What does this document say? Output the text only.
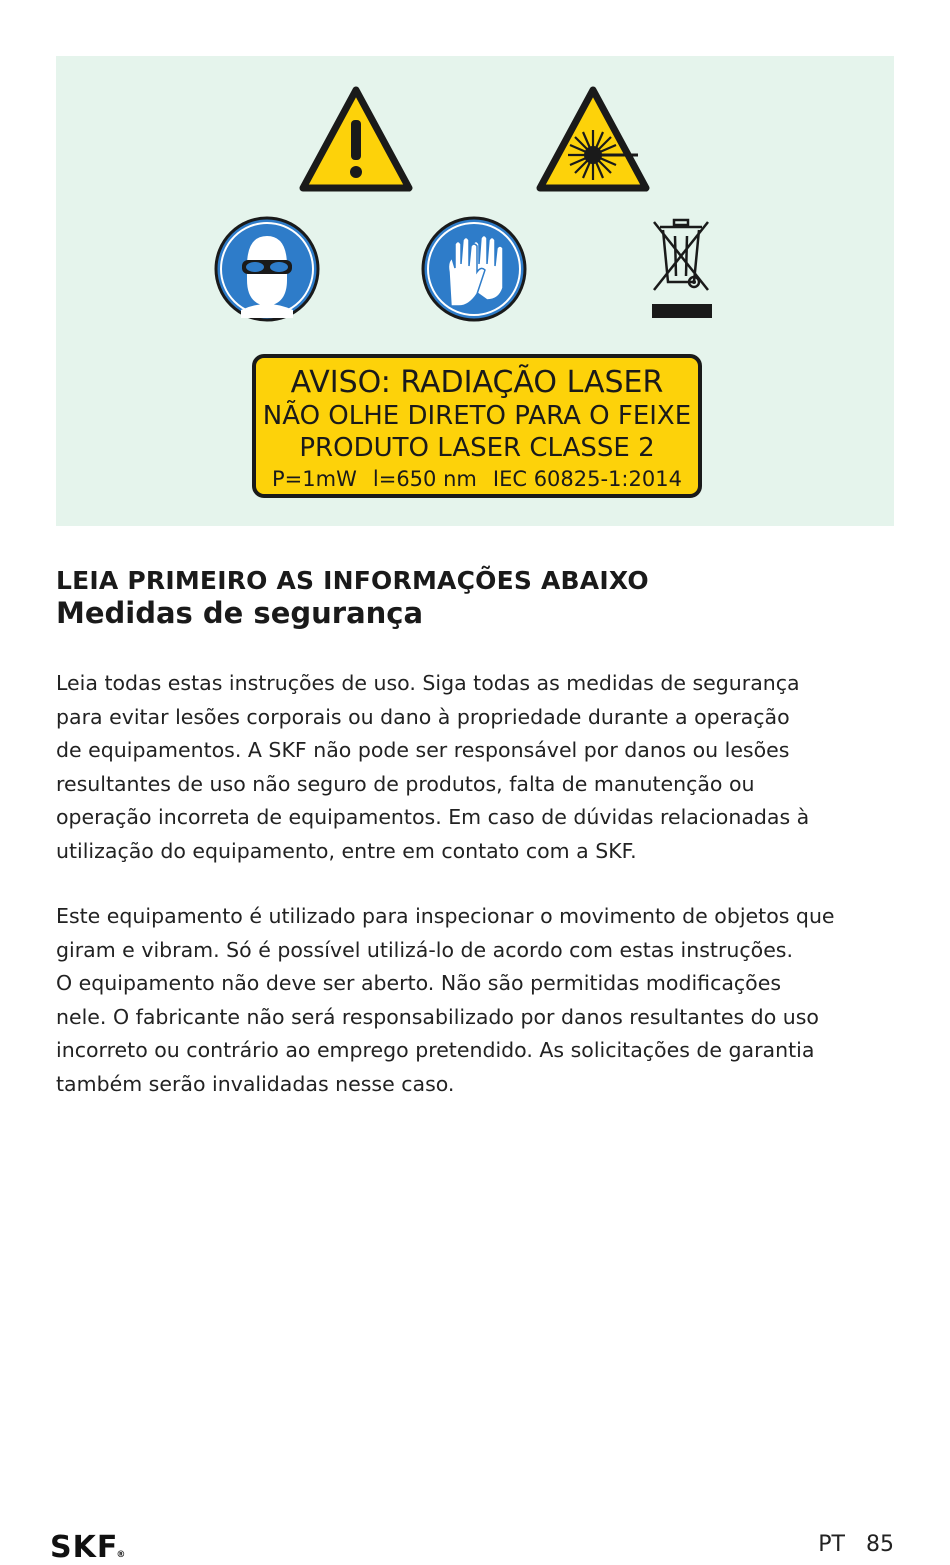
AVISO: RADIAÇÃO LASER
NÃO OLHE DIRETO PARA O FEIXE
PRODUTO LASER CLASSE 2
P=1mW l=650 nm IEC 60825-1:2014
LEIA PRIMEIRO AS INFORMAÇÕES ABAIXO
Medidas de segurança
Leia todas estas instruções de uso. Siga todas as medidas de segurança
para evitar lesões corporais ou dano à propriedade durante a operação
de equipamentos. A SKF não pode ser responsável por danos ou lesões
resultantes de uso não seguro de produtos, falta de manutenção ou
operação incorreta de equipamentos. Em caso de dúvidas relacionadas à
utilização do equipamento, entre em contato com a SKF.
Este equipamento é utilizado para inspecionar o movimento de objetos que
giram e vibram. Só é possível utilizá-lo de acordo com estas instruções.
O equipamento não deve ser aberto. Não são permitidas modificações
nele. O fabricante não será responsabilizado por danos resultantes do uso
incorreto ou contrário ao emprego pretendido. As solicitações de garantia
também serão invalidadas nesse caso.
SKF®	PT 85
